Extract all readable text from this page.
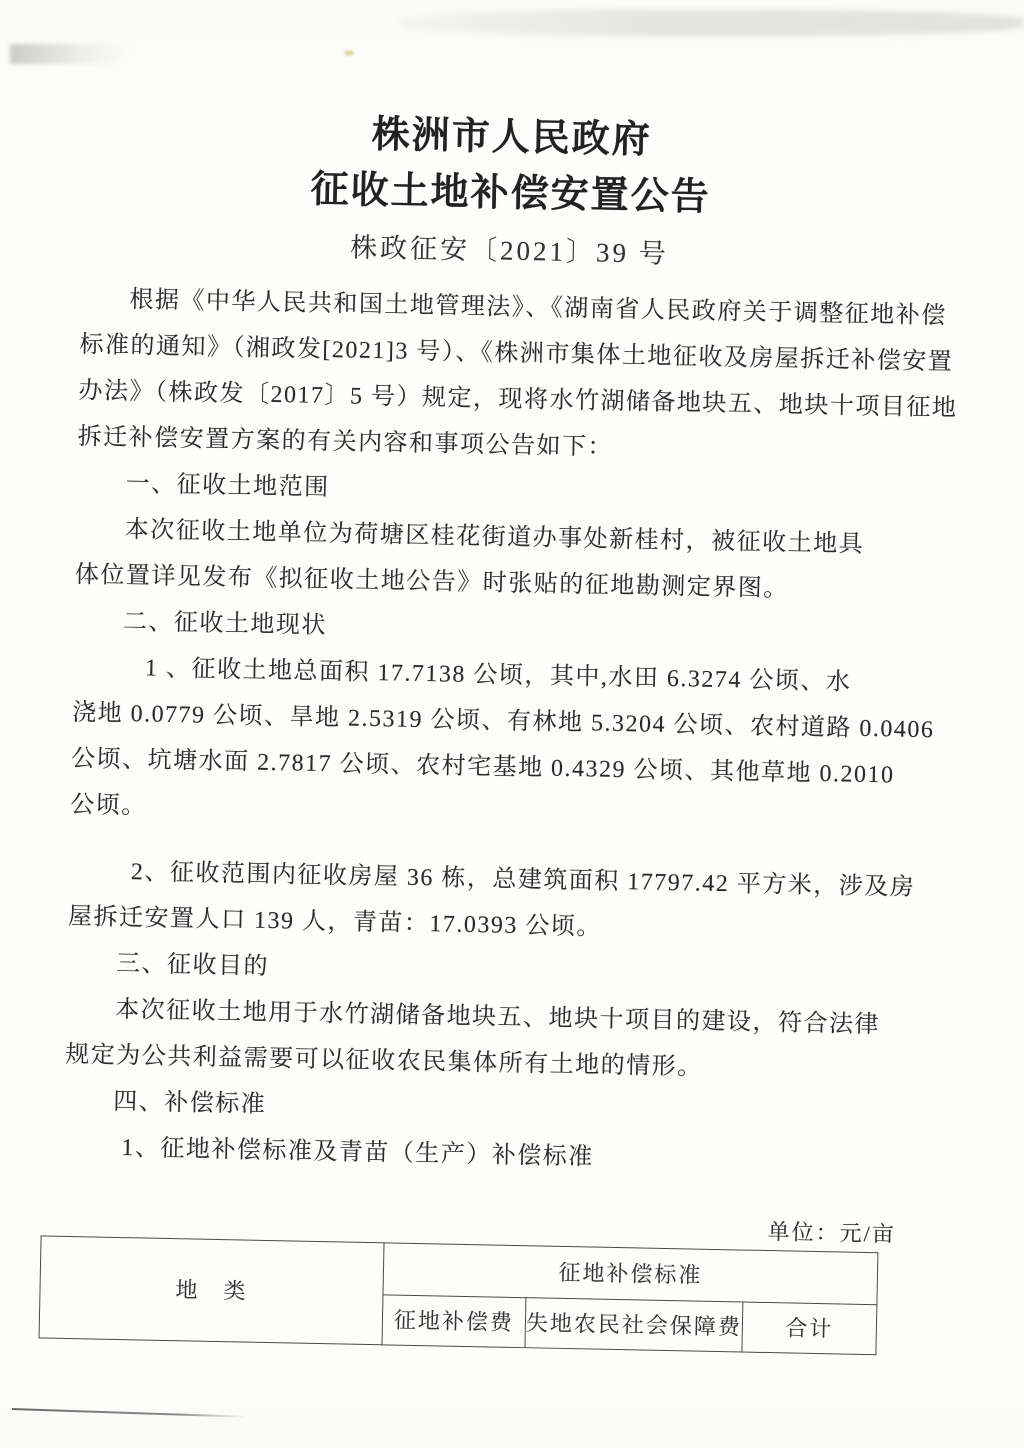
株洲市人民政府
征收土地补偿安置公告
株政征安〔2021〕39 号
根据《中华人民共和国土地管理法》、《湖南省人民政府关于调整征地补偿
标准的通知》（湘政发[2021]3 号）、《株洲市集体土地征收及房屋拆迁补偿安置
办法》（株政发〔2017〕5 号）规定，现将水竹湖储备地块五、地块十项目征地
拆迁补偿安置方案的有关内容和事项公告如下：
一、征收土地范围
本次征收土地单位为荷塘区桂花街道办事处新桂村，被征收土地具
体位置详见发布《拟征收土地公告》时张贴的征地勘测定界图。
二、征收土地现状
1 、征收土地总面积 17.7138 公顷，其中,水田 6.3274 公顷、水
浇地 0.0779 公顷、旱地 2.5319 公顷、有林地 5.3204 公顷、农村道路 0.0406
公顷、坑塘水面 2.7817 公顷、农村宅基地 0.4329 公顷、其他草地 0.2010
公顷。
2、征收范围内征收房屋 36 栋，总建筑面积 17797.42 平方米，涉及房
屋拆迁安置人口 139 人，青苗：17.0393 公顷。
三、征收目的
本次征收土地用于水竹湖储备地块五、地块十项目的建设，符合法律
规定为公共利益需要可以征收农民集体所有土地的情形。
四、补偿标准
1、征地补偿标准及青苗（生产）补偿标准
单位：元/亩
地　类	征地补偿标准		
	征地补偿费	失地农民社会保障费	合计
